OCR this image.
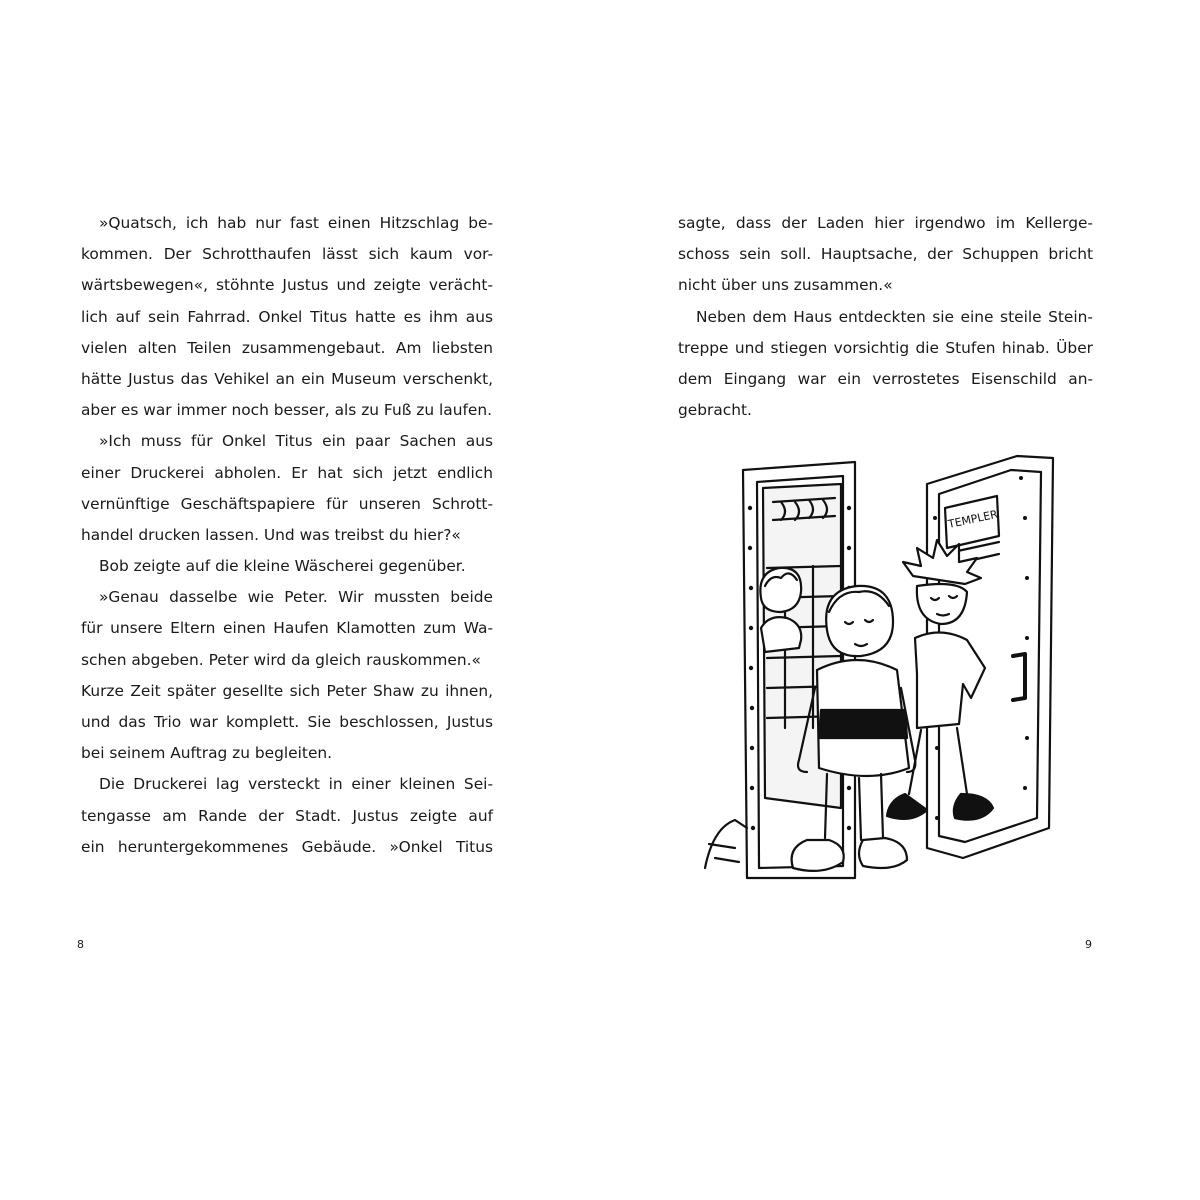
»Quatsch, ich hab nur fast einen Hitzschlag be-
kommen. Der Schrotthaufen lässt sich kaum vor-
wärtsbewegen«, stöhnte Justus und zeigte verächt-
lich auf sein Fahrrad. Onkel Titus hatte es ihm aus
vielen alten Teilen zusammengebaut. Am liebsten
hätte Justus das Vehikel an ein Museum verschenkt,
aber es war immer noch besser, als zu Fuß zu laufen.
»Ich muss für Onkel Titus ein paar Sachen aus
einer Druckerei abholen. Er hat sich jetzt endlich
vernünftige Geschäftspapiere für unseren Schrott-
handel drucken lassen. Und was treibst du hier?«
Bob zeigte auf die kleine Wäscherei gegenüber.
»Genau dasselbe wie Peter. Wir mussten beide
für unsere Eltern einen Haufen Klamotten zum Wa-
schen abgeben. Peter wird da gleich rauskommen.«
Kurze Zeit später gesellte sich Peter Shaw zu ihnen,
und das Trio war komplett. Sie beschlossen, Justus
bei seinem Auftrag zu begleiten.
Die Druckerei lag versteckt in einer kleinen Sei-
tengasse am Rande der Stadt. Justus zeigte auf
ein heruntergekommenes Gebäude. »Onkel Titus
8
sagte, dass der Laden hier irgendwo im Kellerge-
schoss sein soll. Hauptsache, der Schuppen bricht
nicht über uns zusammen.«
Neben dem Haus entdeckten sie eine steile Stein-
treppe und stiegen vorsichtig die Stufen hinab. Über
dem Eingang war ein verrostetes Eisenschild an-
gebracht.
TEMPLER
9
